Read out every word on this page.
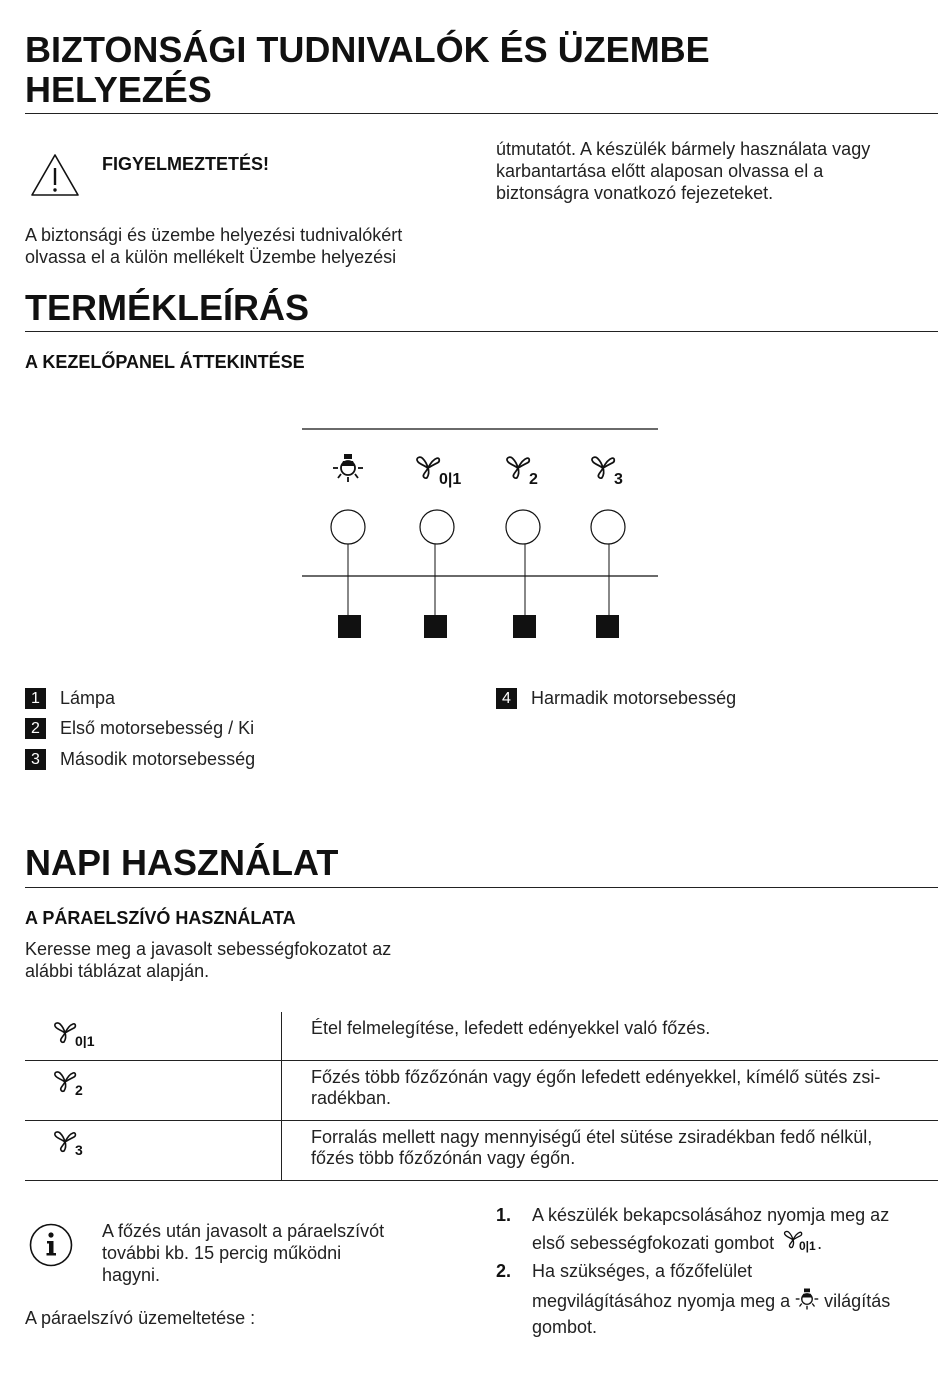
BIZTONSÁGI TUDNIVALÓK ÉS ÜZEMBE
HELYEZÉS
FIGYELMEZTETÉS!
A biztonsági és üzembe helyezési tudnivalókért
olvassa el a külön mellékelt Üzembe helyezési
útmutatót. A készülék bármely használata vagy
karbantartása előtt alaposan olvassa el a
biztonságra vonatkozó fejezeteket.
TERMÉKLEÍRÁS
A KEZELŐPANEL ÁTTEKINTÉSE
0|1	2	3
1	Lámpa
2	Első motorsebesség / Ki
3	Második motorsebesség
4	Harmadik motorsebesség
NAPI HASZNÁLAT
A PÁRAELSZÍVÓ HASZNÁLATA
Keresse meg a javasolt sebességfokozatot az
alábbi táblázat alapján.
0|1	Étel felmelegítése, lefedett edényekkel való főzés.

2	Főzés több főzőzónán vagy égőn lefedett edényekkel, kímélő sütés zsi-
radékban.

3	Forralás mellett nagy mennyiségű étel sütése zsiradékban fedő nélkül,
főzés több főzőzónán vagy égőn.
A főzés után javasolt a páraelszívót
további kb. 15 percig működni
hagyni.
A páraelszívó üzemeltetése :
1. A készülék bekapcsolásához nyomja meg az
első sebességfokozati gombot 0|1 .
2. Ha szükséges, a főzőfelület
megvilágításához nyomja meg a világítás
gombot.
